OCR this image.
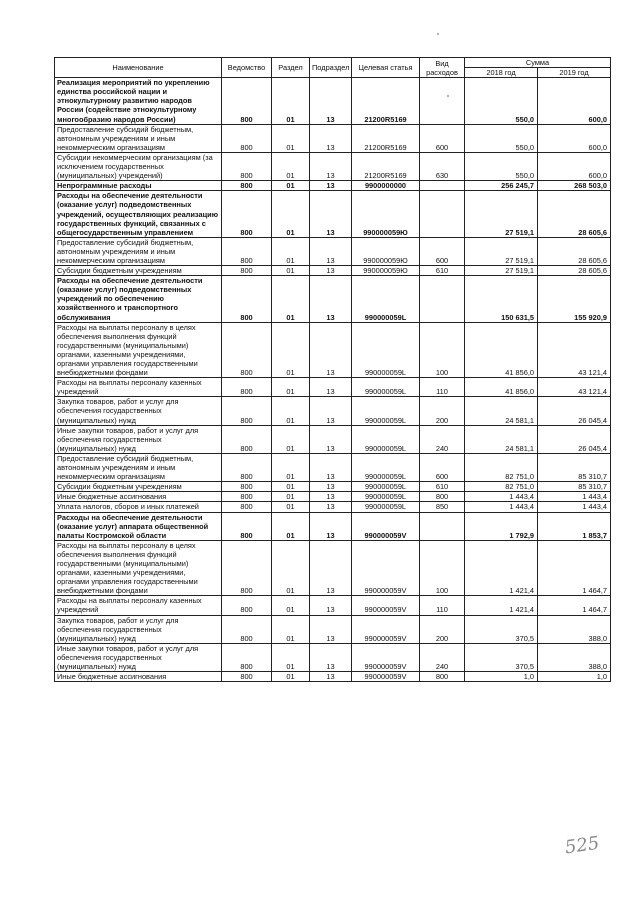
Наименование	Ведомство	Раздел	Подраздел	Целевая статья	Вид расходов	Сумма	
						2018 год	2019 год
Реализация мероприятий по укреплению единства российской нации и этнокультурному развитию народов России (содействие этнокультурному многообразию народов России)	800	01	13	21200R5169		550,0	600,0
Предоставление субсидий бюджетным, автономным учреждениям и иным некоммерческим организациям	800	01	13	21200R5169	600	550,0	600,0
Субсидии некоммерческим организациям (за исключением государственных (муниципальных) учреждений)	800	01	13	21200R5169	630	550,0	600,0
Непрограммные расходы	800	01	13	9900000000		256 245,7	268 503,0
Расходы на обеспечение деятельности (оказание услуг) подведомственных учреждений, осуществляющих реализацию государственных функций, связанных с общегосударственным управлением	800	01	13	990000059Ю		27 519,1	28 605,6
Предоставление субсидий бюджетным, автономным учреждениям и иным некоммерческим организациям	800	01	13	990000059Ю	600	27 519,1	28 605,6
Субсидии бюджетным учреждениям	800	01	13	990000059Ю	610	27 519,1	28 605,6
Расходы на обеспечение деятельности (оказание услуг) подведомственных учреждений по обеспечению хозяйственного и транспортного обслуживания	800	01	13	990000059L		150 631,5	155 920,9
Расходы на выплаты персоналу в целях обеспечения выполнения функций государственными (муниципальными) органами, казенными учреждениями, органами управления государственными внебюджетными фондами	800	01	13	990000059L	100	41 856,0	43 121,4
Расходы на выплаты персоналу казенных учреждений	800	01	13	990000059L	110	41 856,0	43 121,4
Закупка товаров, работ и услуг для обеспечения государственных (муниципальных) нужд	800	01	13	990000059L	200	24 581,1	26 045,4
Иные закупки товаров, работ и услуг для обеспечения государственных (муниципальных) нужд	800	01	13	990000059L	240	24 581,1	26 045,4
Предоставление субсидий бюджетным, автономным учреждениям и иным некоммерческим организациям	800	01	13	990000059L	600	82 751,0	85 310,7
Субсидии бюджетным учреждениям	800	01	13	990000059L	610	82 751,0	85 310,7
Иные бюджетные ассигнования	800	01	13	990000059L	800	1 443,4	1 443,4
Уплата налогов, сборов и иных платежей	800	01	13	990000059L	850	1 443,4	1 443,4
Расходы на обеспечение деятельности (оказание услуг) аппарата общественной палаты Костромской области	800	01	13	990000059V		1 792,9	1 853,7
Расходы на выплаты персоналу в целях обеспечения выполнения функций государственными (муниципальными) органами, казенными учреждениями, органами управления государственными внебюджетными фондами	800	01	13	990000059V	100	1 421,4	1 464,7
Расходы на выплаты персоналу казенных учреждений	800	01	13	990000059V	110	1 421,4	1 464,7
Закупка товаров, работ и услуг для обеспечения государственных (муниципальных) нужд	800	01	13	990000059V	200	370,5	388,0
Иные закупки товаров, работ и услуг для обеспечения государственных (муниципальных) нужд	800	01	13	990000059V	240	370,5	388,0
Иные бюджетные ассигнования	800	01	13	990000059V	800	1,0	1,0
525
